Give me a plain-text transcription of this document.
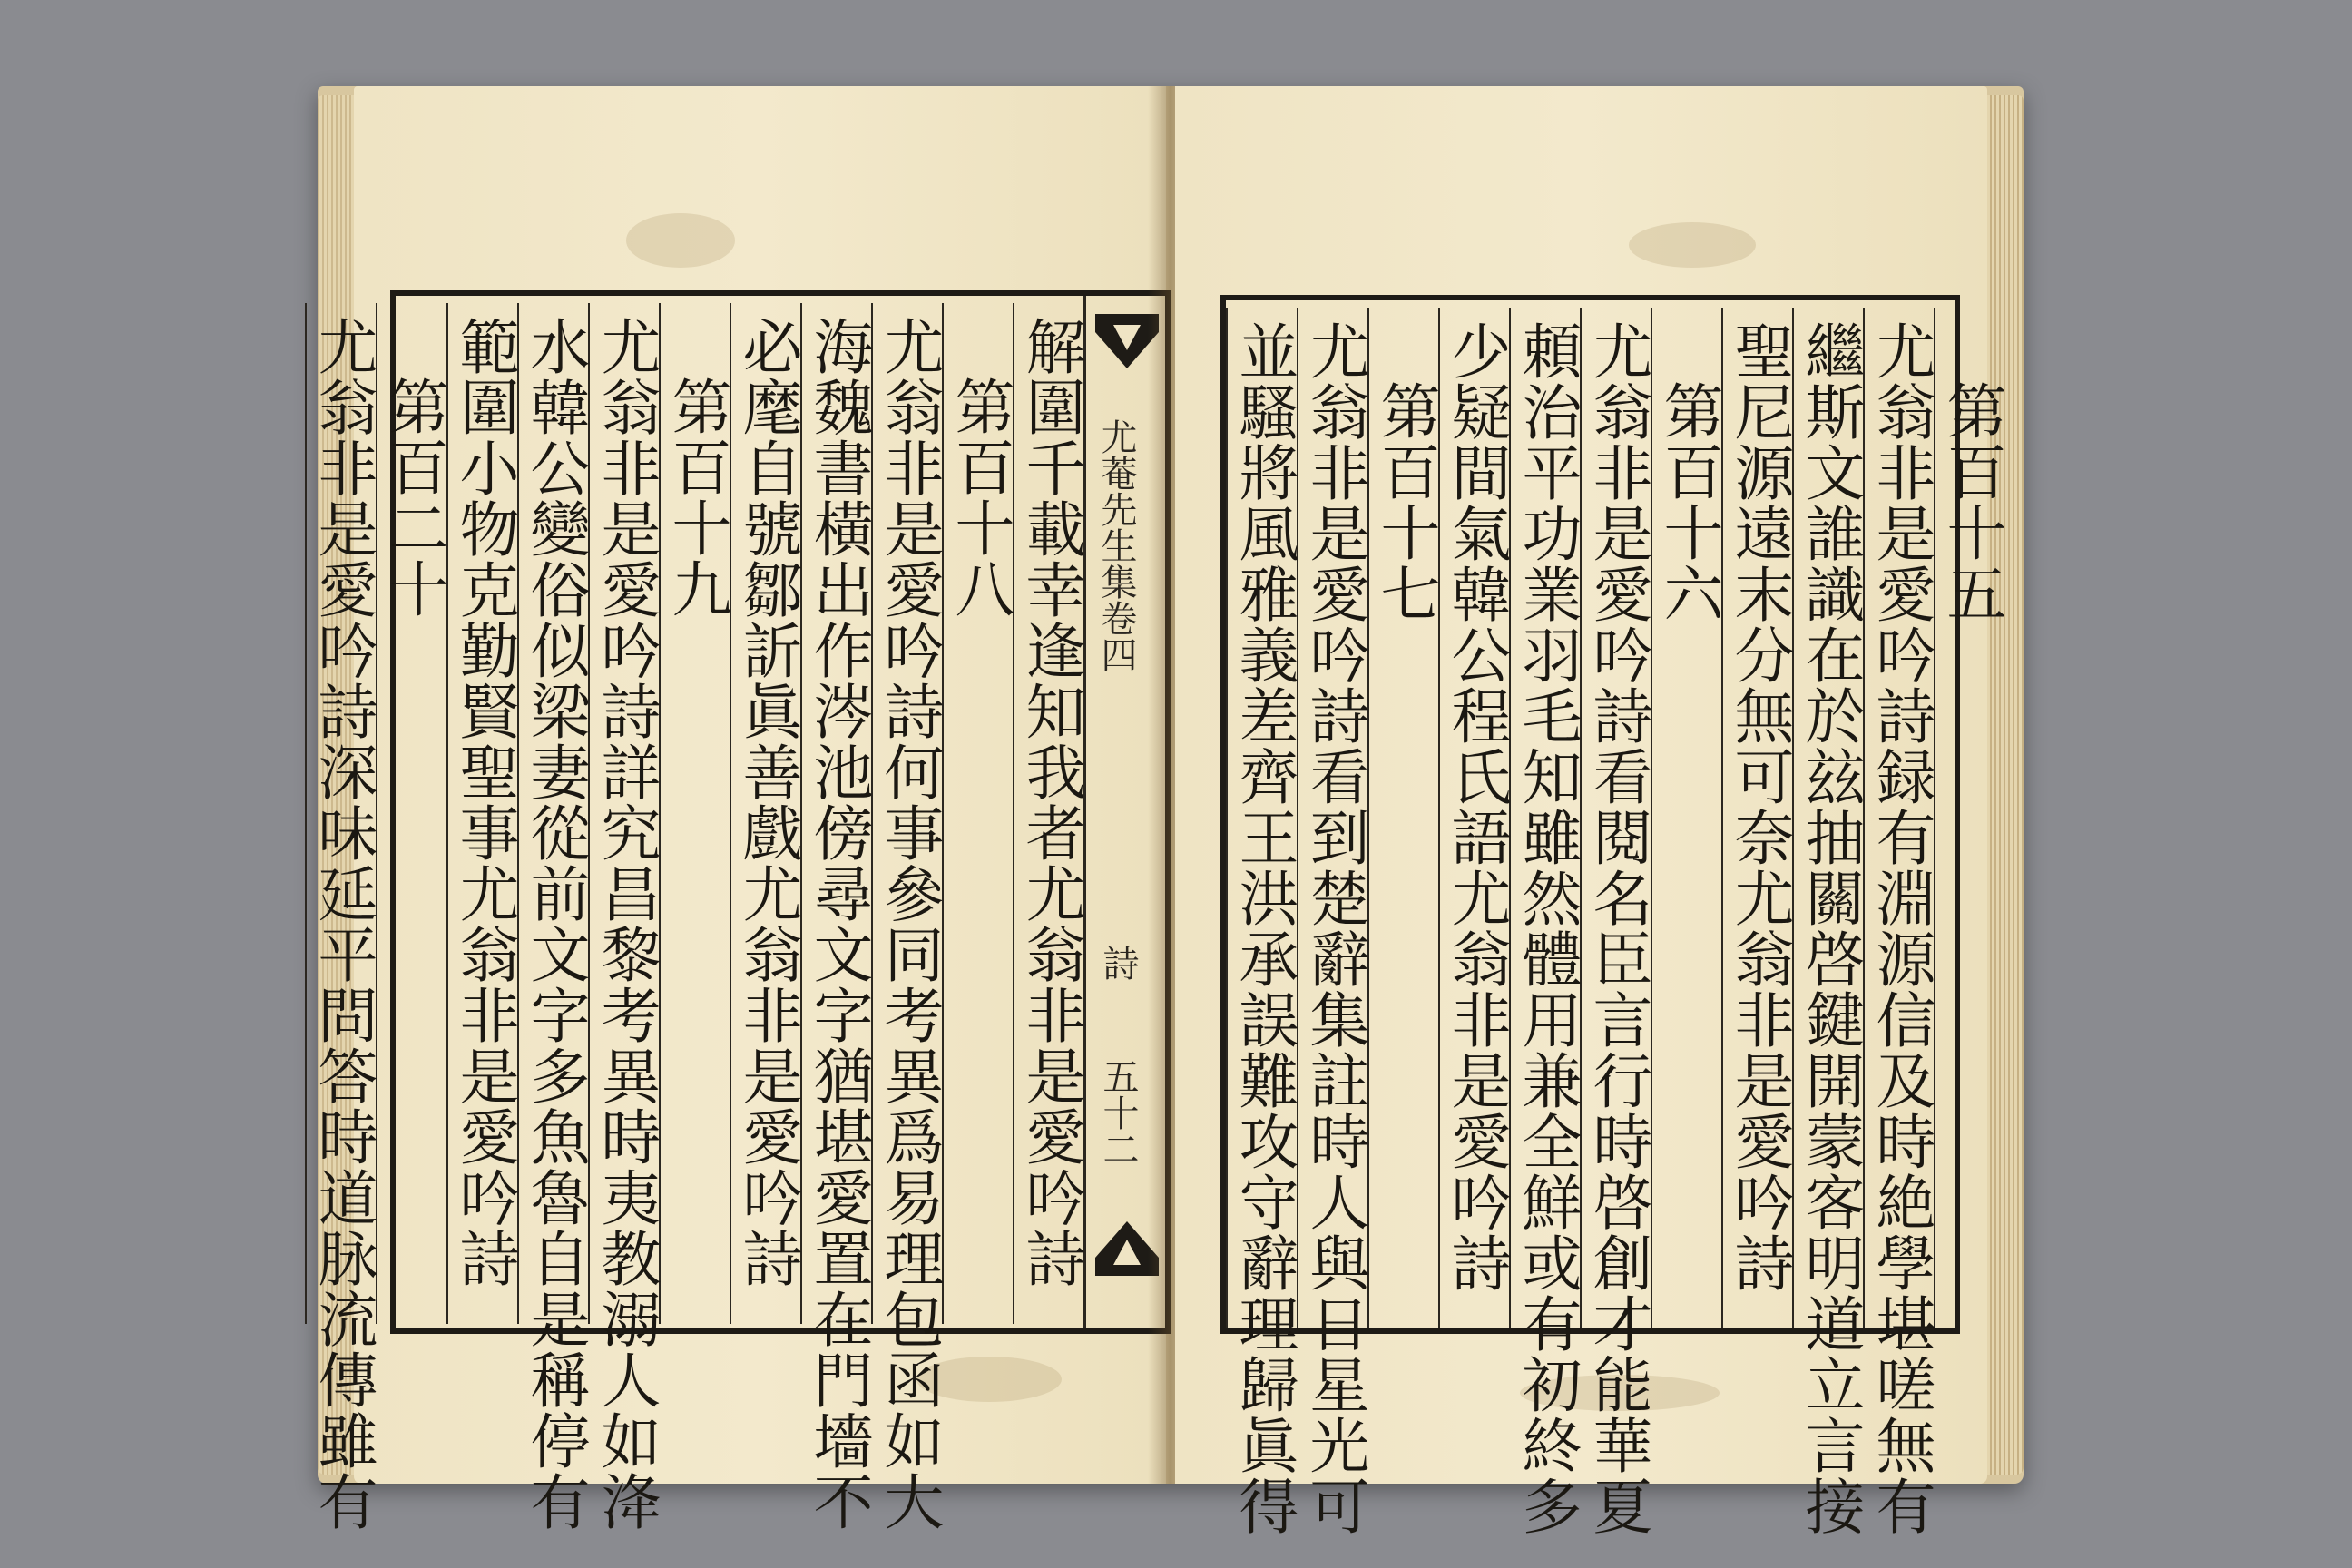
尤菴先生集卷四
詩
五十二
解圍千載幸逢知我者尤翁非是愛吟詩
第百十八
尤翁非是愛吟詩何事參同考異爲易理包函如大
海魏書橫出作涔池傍尋文字猶堪愛置在門墻不
必麾自號鄒訢眞善戲尤翁非是愛吟詩
第百十九
尤翁非是愛吟詩詳究昌黎考異時夷教溺人如洚
水韓公變俗似梁妻從前文字多魚魯自是稱停有
範圍小物克勤賢聖事尤翁非是愛吟詩
第百二十
尤翁非是愛吟詩深味延平問答時道脉流傳雖有	第百十五
尤翁非是愛吟詩録有淵源信及時絶學堪嗟無有
繼斯文誰識在於玆抽關啓鍵開蒙客明道立言接
聖尼源遠末分無可奈尤翁非是愛吟詩
第百十六
尤翁非是愛吟詩看閱名臣言行時啓創才能華夏
頼治平功業羽毛知雖然體用兼全鮮或有初終多
少疑間氣韓公程氏語尤翁非是愛吟詩
第百十七
尤翁非是愛吟詩看到楚辭集註時人與日星光可
並騷將風雅義差齊王洪承誤難攻守辭理歸眞得
